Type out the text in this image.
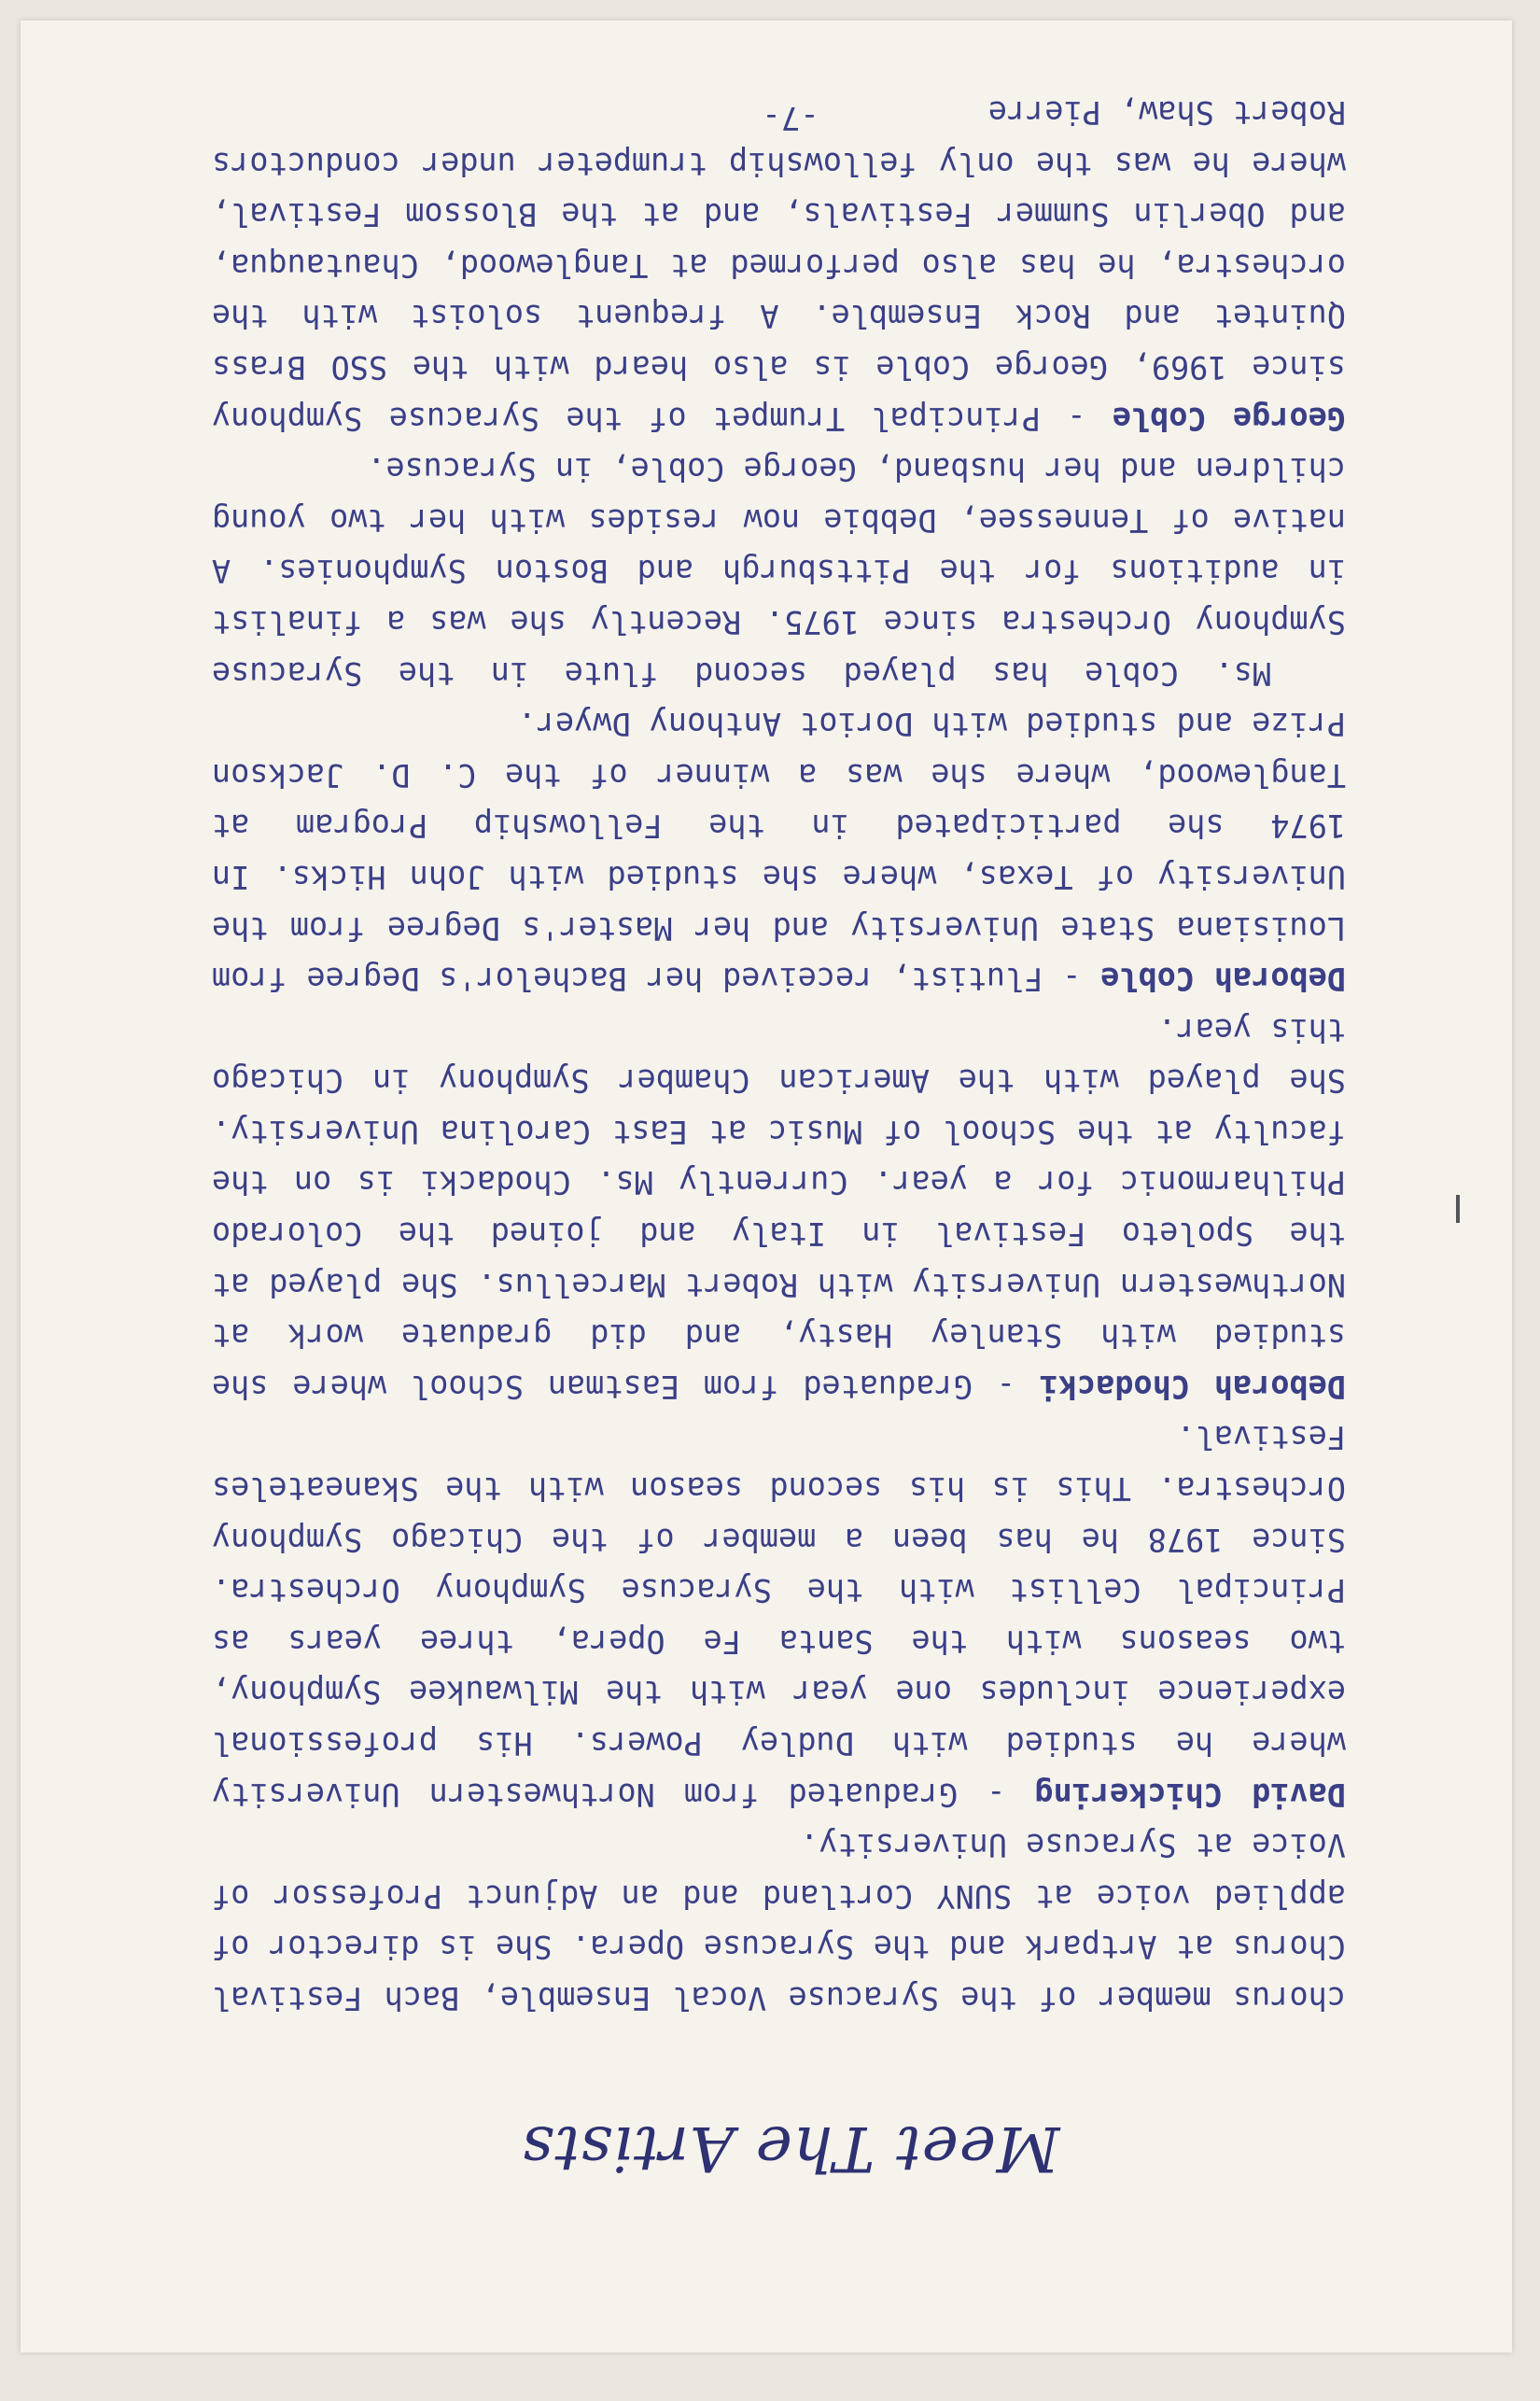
Meet The Artists

chorus member of the Syracuse Vocal Ensemble, Bach Festival Chorus at Artpark and the Syracuse Opera. She is director of applied voice at SUNY Cortland and an Adjunct Professor of Voice at Syracuse University.

David Chickering - Graduated from Northwestern University where he studied with Dudley Powers. His professional experience includes one year with the Milwaukee Symphony, two seasons with the Santa Fe Opera, three years as Principal Cellist with the Syracuse Symphony Orchestra. Since 1978 he has been a member of the Chicago Symphony Orchestra. This is his second season with the Skaneateles Festival.

Deborah Chodacki - Graduated from Eastman School where she studied with Stanley Hasty, and did graduate work at Northwestern University with Robert Marcellus. She played at the Spoleto Festival in Italy and joined the Colorado Philharmonic for a year. Currently Ms. Chodacki is on the faculty at the School of Music at East Carolina University. She played with the American Chamber Symphony in Chicago this year.

Deborah Coble - Flutist, received her Bachelor's Degree from Louisiana State University and her Master's Degree from the University of Texas, where she studied with John Hicks. In 1974 she participated in the Fellowship Program at Tanglewood, where she was a winner of the C. D. Jackson Prize and studied with Doriot Anthony Dwyer.

Ms. Coble has played second flute in the Syracuse Symphony Orchestra since 1975. Recently she was a finalist in auditions for the Pittsburgh and Boston Symphonies. A native of Tennessee, Debbie now resides with her two young children and her husband, George Coble, in Syracuse.

George Coble - Principal Trumpet of the Syracuse Symphony since 1969, George Coble is also heard with the SSO Brass Quintet and Rock Ensemble. A frequent soloist with the orchestra, he has also performed at Tanglewood, Chautauqua, and Oberlin Summer Festivals, and at the Blossom Festival, where he was the only fellowship trumpeter under conductors Robert Shaw, Pierre

-7-
